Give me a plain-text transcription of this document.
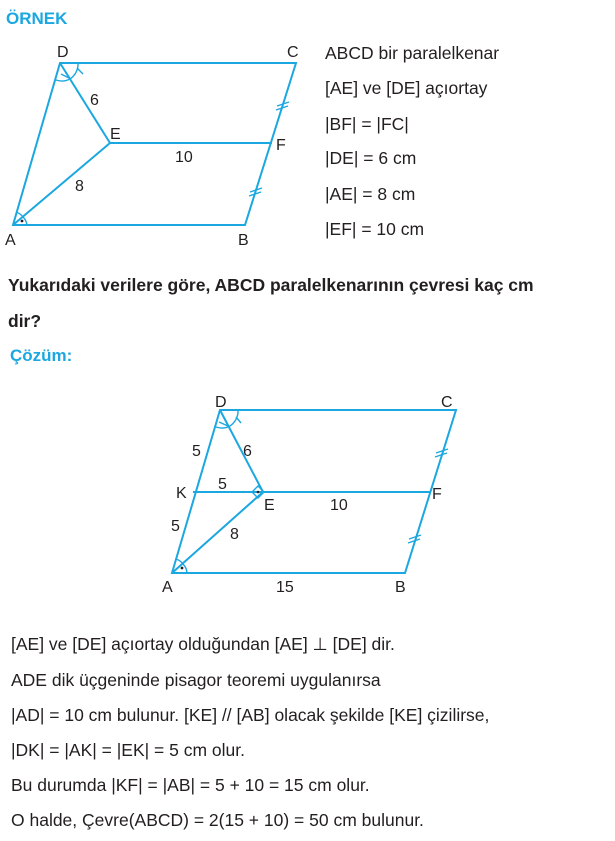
ÖRNEK
D	C
E
F
A	B
6
10
8
ABCD bir paralelkenar
[AE] ve [DE] açıortay
|BF| = |FC|
|DE| = 6 cm
|AE| = 8 cm
|EF| = 10 cm
Yukarıdaki verilere göre, ABCD paralelkenarının çevresi kaç cm
dir?
Çözüm:
D	C
K
E
F
A	B
5	6
5
10
5	8
15
[AE] ve [DE] açıortay olduğundan [AE] ⊥ [DE] dir.
ADE dik üçgeninde pisagor teoremi uygulanırsa
|AD| = 10 cm bulunur. [KE] // [AB] olacak şekilde [KE] çizilirse,
|DK| = |AK| = |EK| = 5 cm olur.
Bu durumda |KF| = |AB| = 5 + 10 = 15 cm olur.
O halde, Çevre(ABCD) = 2(15 + 10) = 50 cm bulunur.
